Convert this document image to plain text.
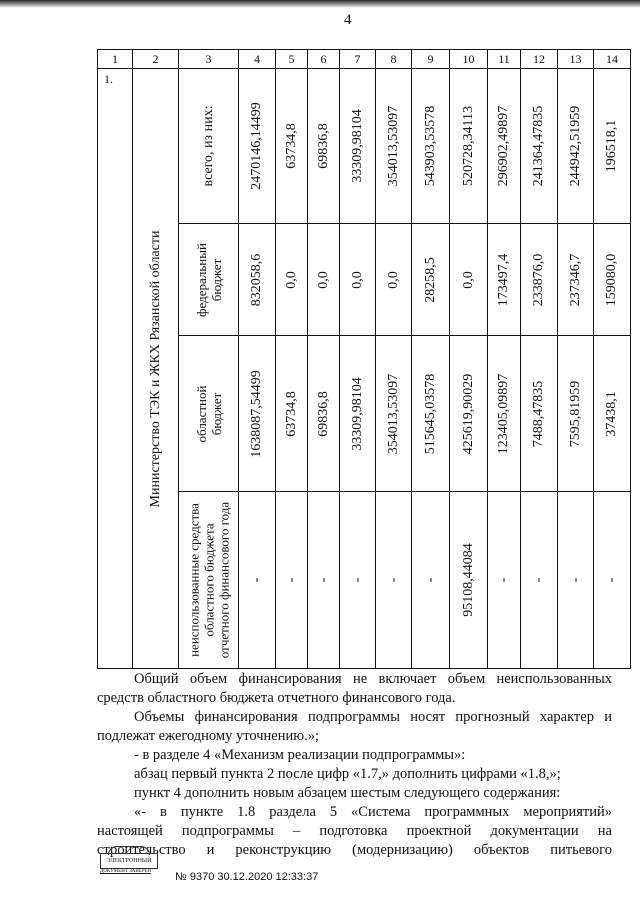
4
1	2	3	4	5	6	7	8	9	10	11	12	13	14

1.	Министерство ТЭК и ЖКХ Рязанской области	всего, из них:	2470146,14499	63734,8	69836,8	33309,98104	354013,53097	543903,53578	520728,34113	296902,49897	241364,47835	244942,51959	196518,1

		федеральный бюджет	832058,6	0,0	0,0	0,0	0,0	28258,5	0,0	173497,4	233876,0	237346,7	159080,0

		областной бюджет	1638087,54499	63734,8	69836,8	33309,98104	354013,53097	515645,03578	425619,90029	123405,09897	7488,47835	7595,81959	37438,1

		неиспользованные средства областного бюджета отчетного финансового года	-	-	-	-	-	-	95108,44084	-	-	-	-
Общий объем финансирования не включает объем неиспользованных
средств областного бюджета отчетного финансового года.
Объемы финансирования подпрограммы носят прогнозный характер и
подлежат ежегодному уточнению.»;
- в разделе 4 «Механизм реализации подпрограммы»:
абзац первый пункта 2 после цифр «1.7,» дополнить цифрами «1.8,»;
пункт 4 дополнить новым абзацем шестым следующего содержания:
«- в пункте 1.8 раздела 5 «Система программных мероприятий»
настоящей подпрограммы – подготовка проектной документации на
строительство и реконструкцию (модернизацию) объектов питьевого
ЭЛЕКТРОННЫЙ
ДОКУМЕНТ ЗАВЕРЕН № 9370 30.12.2020 12:33:37
